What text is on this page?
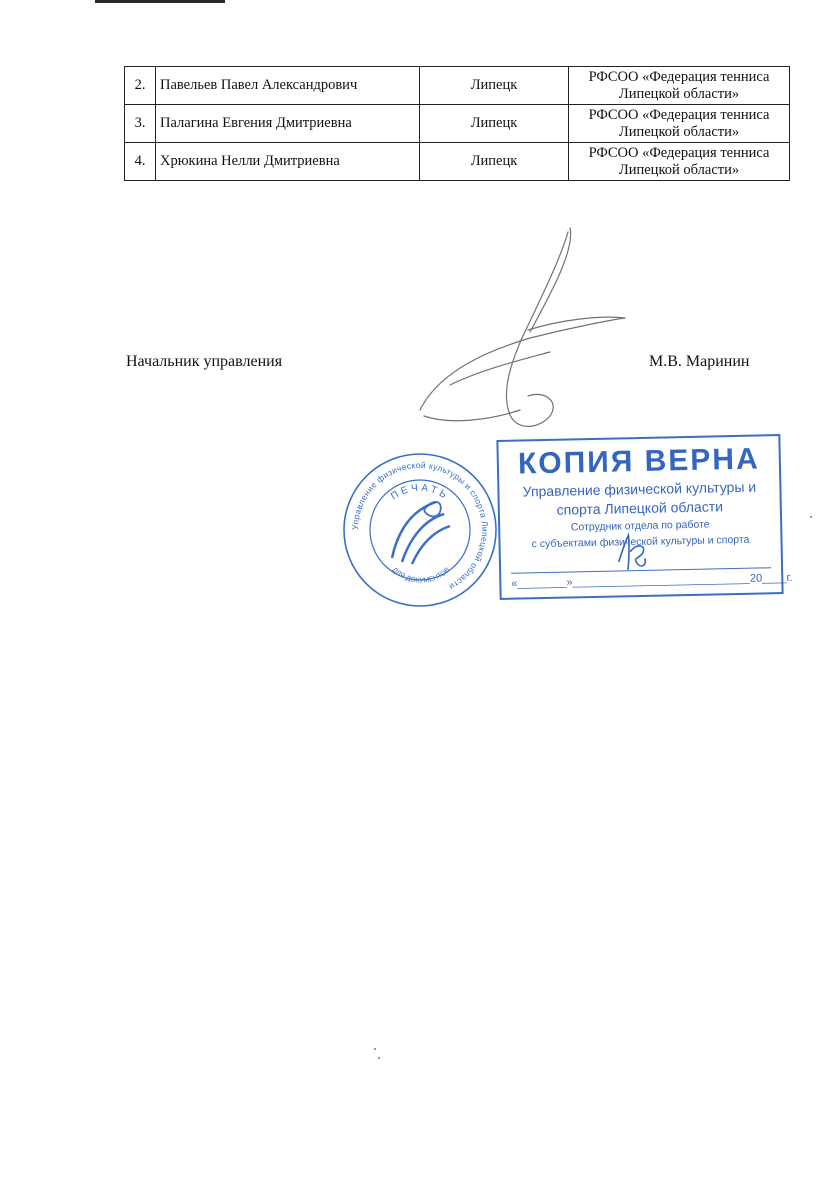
2.	Павельев Павел Александрович	Липецк	РФСОО «Федерация тенниса
Липецкой области»
3.	Палагина Евгения Дмитриевна	Липецк	РФСОО «Федерация тенниса
Липецкой области»
4.	Хрюкина Нелли Дмитриевна	Липецк	РФСОО «Федерация тенниса
Липецкой области»
Начальник управления	М.В. Маринин
Управление физической культуры и спорта Липецкой области
ПЕЧАТЬ
ДЛЯ ДОКУМЕНТОВ
КОПИЯ ВЕРНА
Управление физической культуры и
спорта Липецкой области
Сотрудник отдела по работе
с субъектами физической культуры и спорта
«________»_____________________________20____г.
